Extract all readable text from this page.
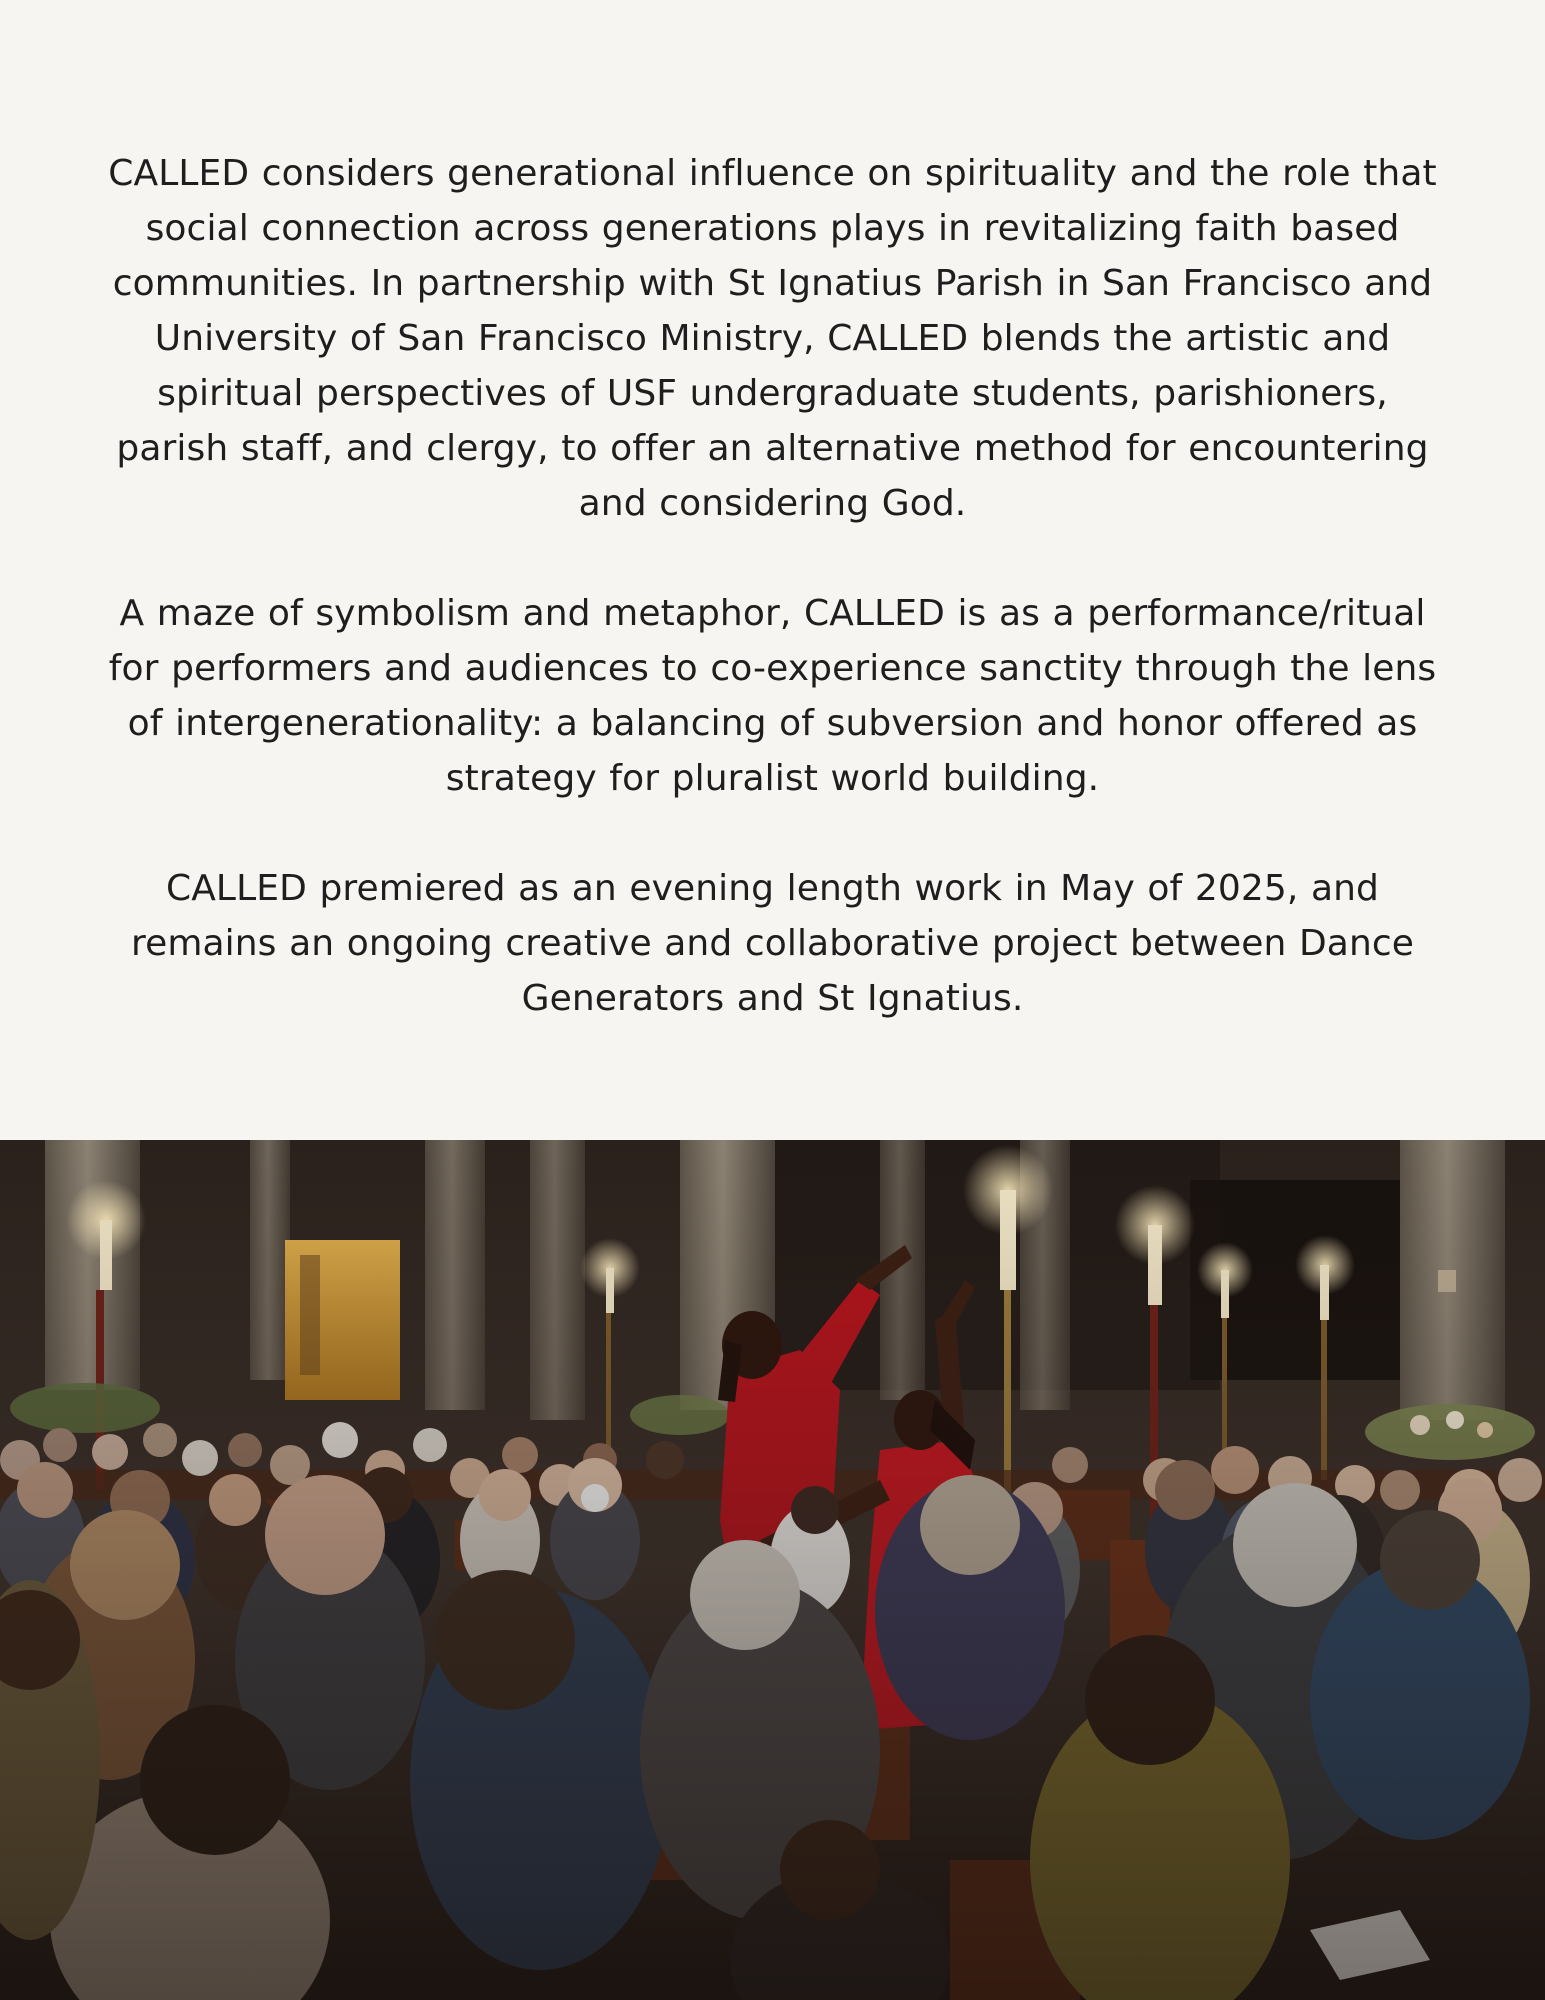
CALLED considers generational influence on spirituality and the role that social connection across generations plays in revitalizing faith based communities. In partnership with St Ignatius Parish in San Francisco and University of San Francisco Ministry, CALLED blends the artistic and spiritual perspectives of USF undergraduate students, parishioners, parish staff, and clergy, to offer an alternative method for encountering and considering God.

A maze of symbolism and metaphor, CALLED is as a performance/ritual for performers and audiences to co-experience sanctity through the lens of intergenerationality: a balancing of subversion and honor offered as strategy for pluralist world building.

CALLED premiered as an evening length work in May of 2025, and remains an ongoing creative and collaborative project between Dance Generators and St Ignatius.
